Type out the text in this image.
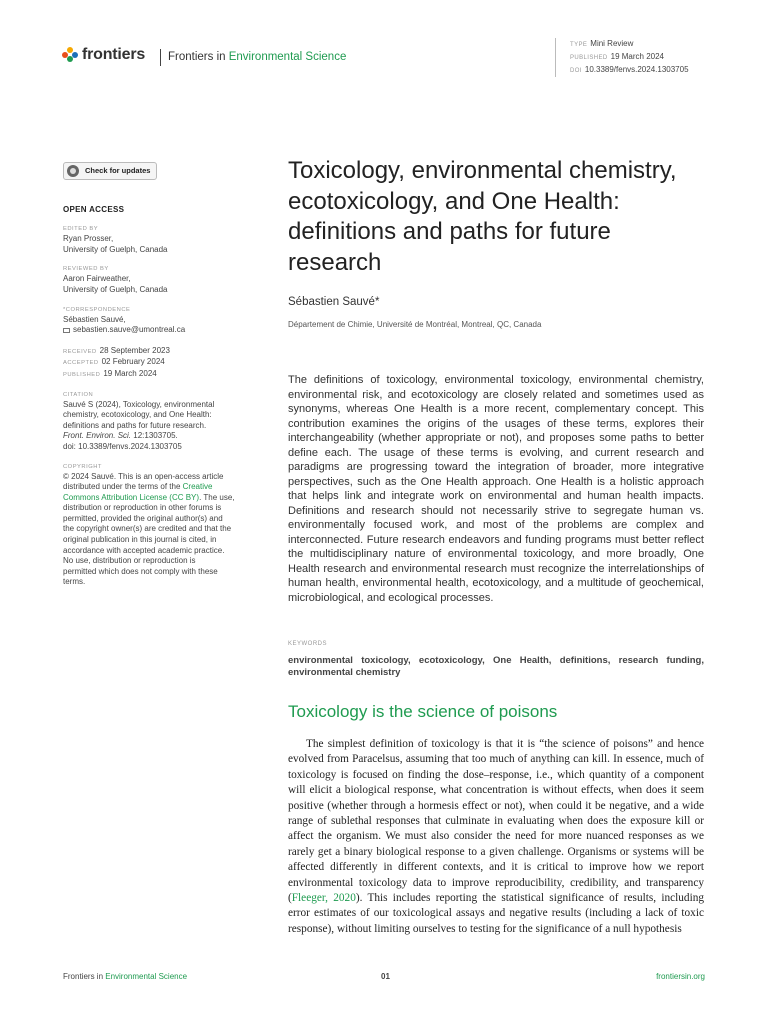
frontiers Frontiers in Environmental Science
TYPE Mini Review
PUBLISHED 19 March 2024
DOI 10.3389/fenvs.2024.1303705
Check for updates
OPEN ACCESS
EDITED BY
Ryan Prosser,
University of Guelph, Canada
REVIEWED BY
Aaron Fairweather,
University of Guelph, Canada
*CORRESPONDENCE
Sébastien Sauvé,
sebastien.sauve@umontreal.ca
RECEIVED 28 September 2023
ACCEPTED 02 February 2024
PUBLISHED 19 March 2024
CITATION
Sauvé S (2024), Toxicology, environmental
chemistry, ecotoxicology, and One Health:
definitions and paths for future research.
Front. Environ. Sci. 12:1303705.
doi: 10.3389/fenvs.2024.1303705
COPYRIGHT
© 2024 Sauvé. This is an open-access article
distributed under the terms of the Creative
Commons Attribution License (CC BY). The use,
distribution or reproduction in other forums is
permitted, provided the original author(s) and
the copyright owner(s) are credited and that the
original publication in this journal is cited, in
accordance with accepted academic practice.
No use, distribution or reproduction is
permitted which does not comply with these
terms.
Toxicology, environmental chemistry, ecotoxicology, and One Health: definitions and paths for future research
Sébastien Sauvé*
Département de Chimie, Université de Montréal, Montreal, QC, Canada

The definitions of toxicology, environmental toxicology, environmental chemistry, environmental risk, and ecotoxicology are closely related and sometimes used as synonyms, whereas One Health is a more recent, complementary concept. This contribution examines the origins of the usages of these terms, explores their interchangeability (whether appropriate or not), and proposes some paths to better define each. The usage of these terms is evolving, and current research and paradigms are progressing toward the integration of broader, more integrative perspectives, such as the One Health approach. One Health is a holistic approach that helps link and integrate work on environmental and human health impacts. Definitions and research should not necessarily strive to segregate human vs. environmentally focused work, and most of the problems are complex and interconnected. Future research endeavors and funding programs must better reflect the multidisciplinary nature of environmental toxicology, and more broadly, One Health research and environmental research must recognize the interrelationships of human health, environmental health, ecotoxicology, and a multitude of geochemical, microbiological, and ecological processes.

KEYWORDS
environmental toxicology, ecotoxicology, One Health, definitions, research funding, environmental chemistry
Toxicology is the science of poisons

The simplest definition of toxicology is that it is “the science of poisons” and hence evolved from Paracelsus, assuming that too much of anything can kill. In essence, much of toxicology is focused on finding the dose–response, i.e., which quantity of a component will elicit a biological response, what concentration is without effects, when does it seem positive (whether through a hormesis effect or not), when could it be negative, and a wide range of sublethal responses that culminate in evaluating when does the exposure kill or affect the organism. We must also consider the need for more nuanced responses as we rarely get a binary biological response to a given challenge. Organisms or systems will be affected differently in different contexts, and it is critical to improve how we report environmental toxicology data to improve reproducibility, credibility, and transparency (Fleeger, 2020). This includes reporting the statistical significance of results, including error estimates of our toxicological assays and negative results (including a lack of toxic response), without limiting ourselves to testing for the significance of a null hypothesis

Frontiers in Environmental Science	01	frontiersin.org
